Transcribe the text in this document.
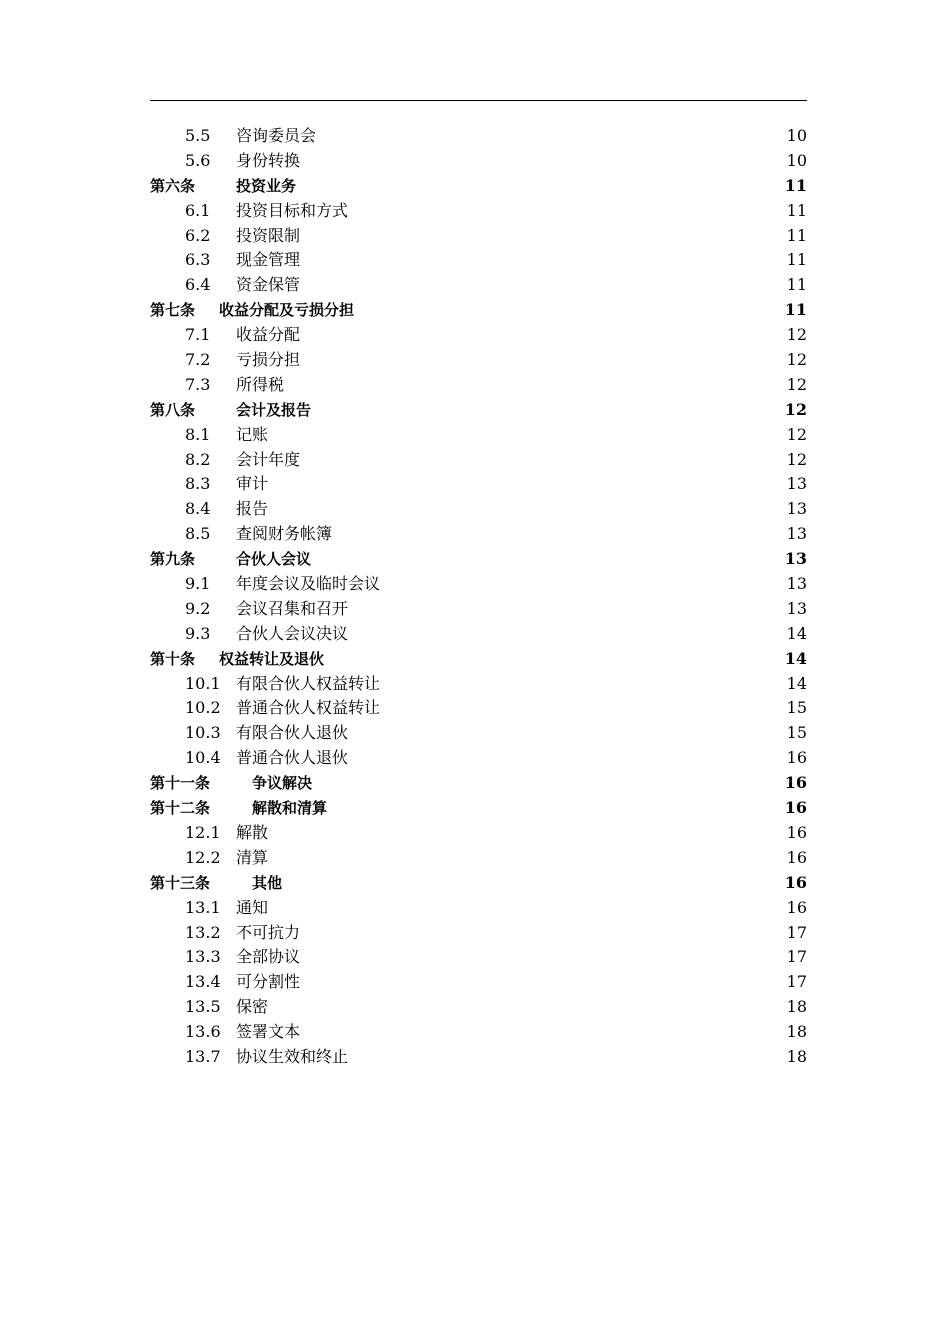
5.5 咨询委员会	10
5.6 身份转换	10
第六条	投资业务	11
6.1 投资目标和方式	11
6.2 投资限制	11
6.3 现金管理	11
6.4 资金保管	11
第七条 收益分配及亏损分担	11
7.1 收益分配	12
7.2 亏损分担	12
7.3 所得税	12
第八条	会计及报告	12
8.1 记账	12
8.2 会计年度	12
8.3 审计	13
8.4 报告	13
8.5 查阅财务帐簿	13
第九条	合伙人会议	13
9.1 年度会议及临时会议	13
9.2 会议召集和召开	13
9.3 合伙人会议决议	14
第十条 权益转让及退伙	14
10.1 有限合伙人权益转让	14
10.2 普通合伙人权益转让	15
10.3 有限合伙人退伙	15
10.4 普通合伙人退伙	16
第十一条	争议解决	16
第十二条	解散和清算	16
12.1 解散	16
12.2 清算	16
第十三条	其他	16
13.1 通知	16
13.2 不可抗力	17
13.3 全部协议	17
13.4 可分割性	17
13.5 保密	18
13.6 签署文本	18
13.7 协议生效和终止	18
